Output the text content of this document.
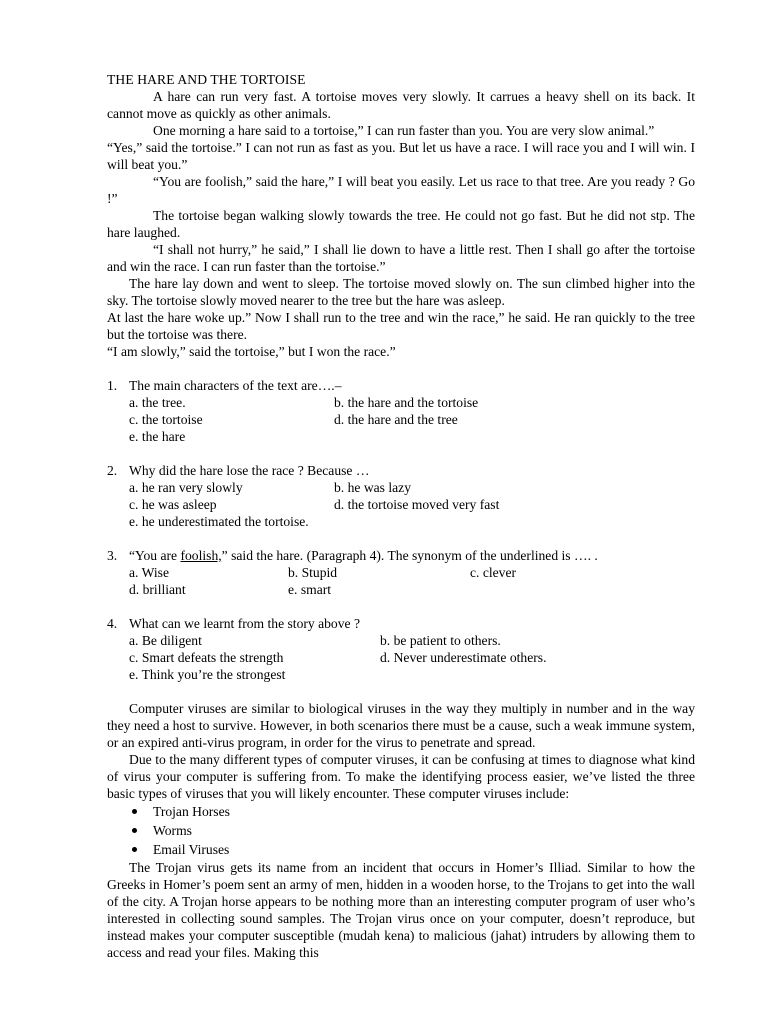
THE HARE AND THE TORTOISE

A hare can run very fast. A tortoise moves very slowly. It carrues a heavy shell on its back. It cannot move as quickly as other animals.

One morning a hare said to a tortoise,” I can run faster than you. You are very slow animal.”

“Yes,” said the tortoise.” I can not run as fast as you. But let us have a race. I will race you and I will win. I will beat you.”

“You are foolish,” said the hare,” I will beat you easily. Let us race to that tree. Are you ready ? Go !”

The tortoise began walking slowly towards the tree. He could not go fast. But he did not stp. The hare laughed.

“I shall not hurry,” he said,” I shall lie down to have a little rest. Then I shall go after the tortoise and win the race. I can run faster than the tortoise.”

The hare lay down and went to sleep. The tortoise moved slowly on. The sun climbed higher into the sky. The tortoise slowly moved nearer to the tree but the hare was asleep.

At last the hare woke up.” Now I shall run to the tree and win the race,” he said. He ran quickly to the tree but the tortoise was there.

“I am slowly,” said the tortoise,” but I won the race.”

1. The main characters of the text are….–
a. the tree.	b. the hare and the tortoise
c. the tortoise	d. the hare and the tree
e. the hare
2. Why did the hare lose the race ? Because …
a. he ran very slowly	b. he was lazy
c. he was asleep	d. the tortoise moved very fast
e. he underestimated the tortoise.
3. “You are foolish,” said the hare. (Paragraph 4). The synonym of the underlined is …. .
a. Wise	b. Stupid	c. clever
d. brilliant	e. smart
4. What can we learnt from the story above ?
a. Be diligent	b. be patient to others.
c. Smart defeats the strength	d. Never underestimate others.
e. Think you’re the strongest

Computer viruses are similar to biological viruses in the way they multiply in number and in the way they need a host to survive. However, in both scenarios there must be a cause, such a weak immune system, or an expired anti-virus program, in order for the virus to penetrate and spread.

Due to the many different types of computer viruses, it can be confusing at times to diagnose what kind of virus your computer is suffering from. To make the identifying process easier, we’ve listed the three basic types of viruses that you will likely encounter. These computer viruses include:

Trojan Horses
Worms
Email Viruses

The Trojan virus gets its name from an incident that occurs in Homer’s Illiad. Similar to how the Greeks in Homer’s poem sent an army of men, hidden in a wooden horse, to the Trojans to get into the wall of the city. A Trojan horse appears to be nothing more than an interesting computer program of user who’s interested in collecting sound samples. The Trojan virus once on your computer, doesn’t reproduce, but instead makes your computer susceptible (mudah kena) to malicious (jahat) intruders by allowing them to access and read your files. Making this
